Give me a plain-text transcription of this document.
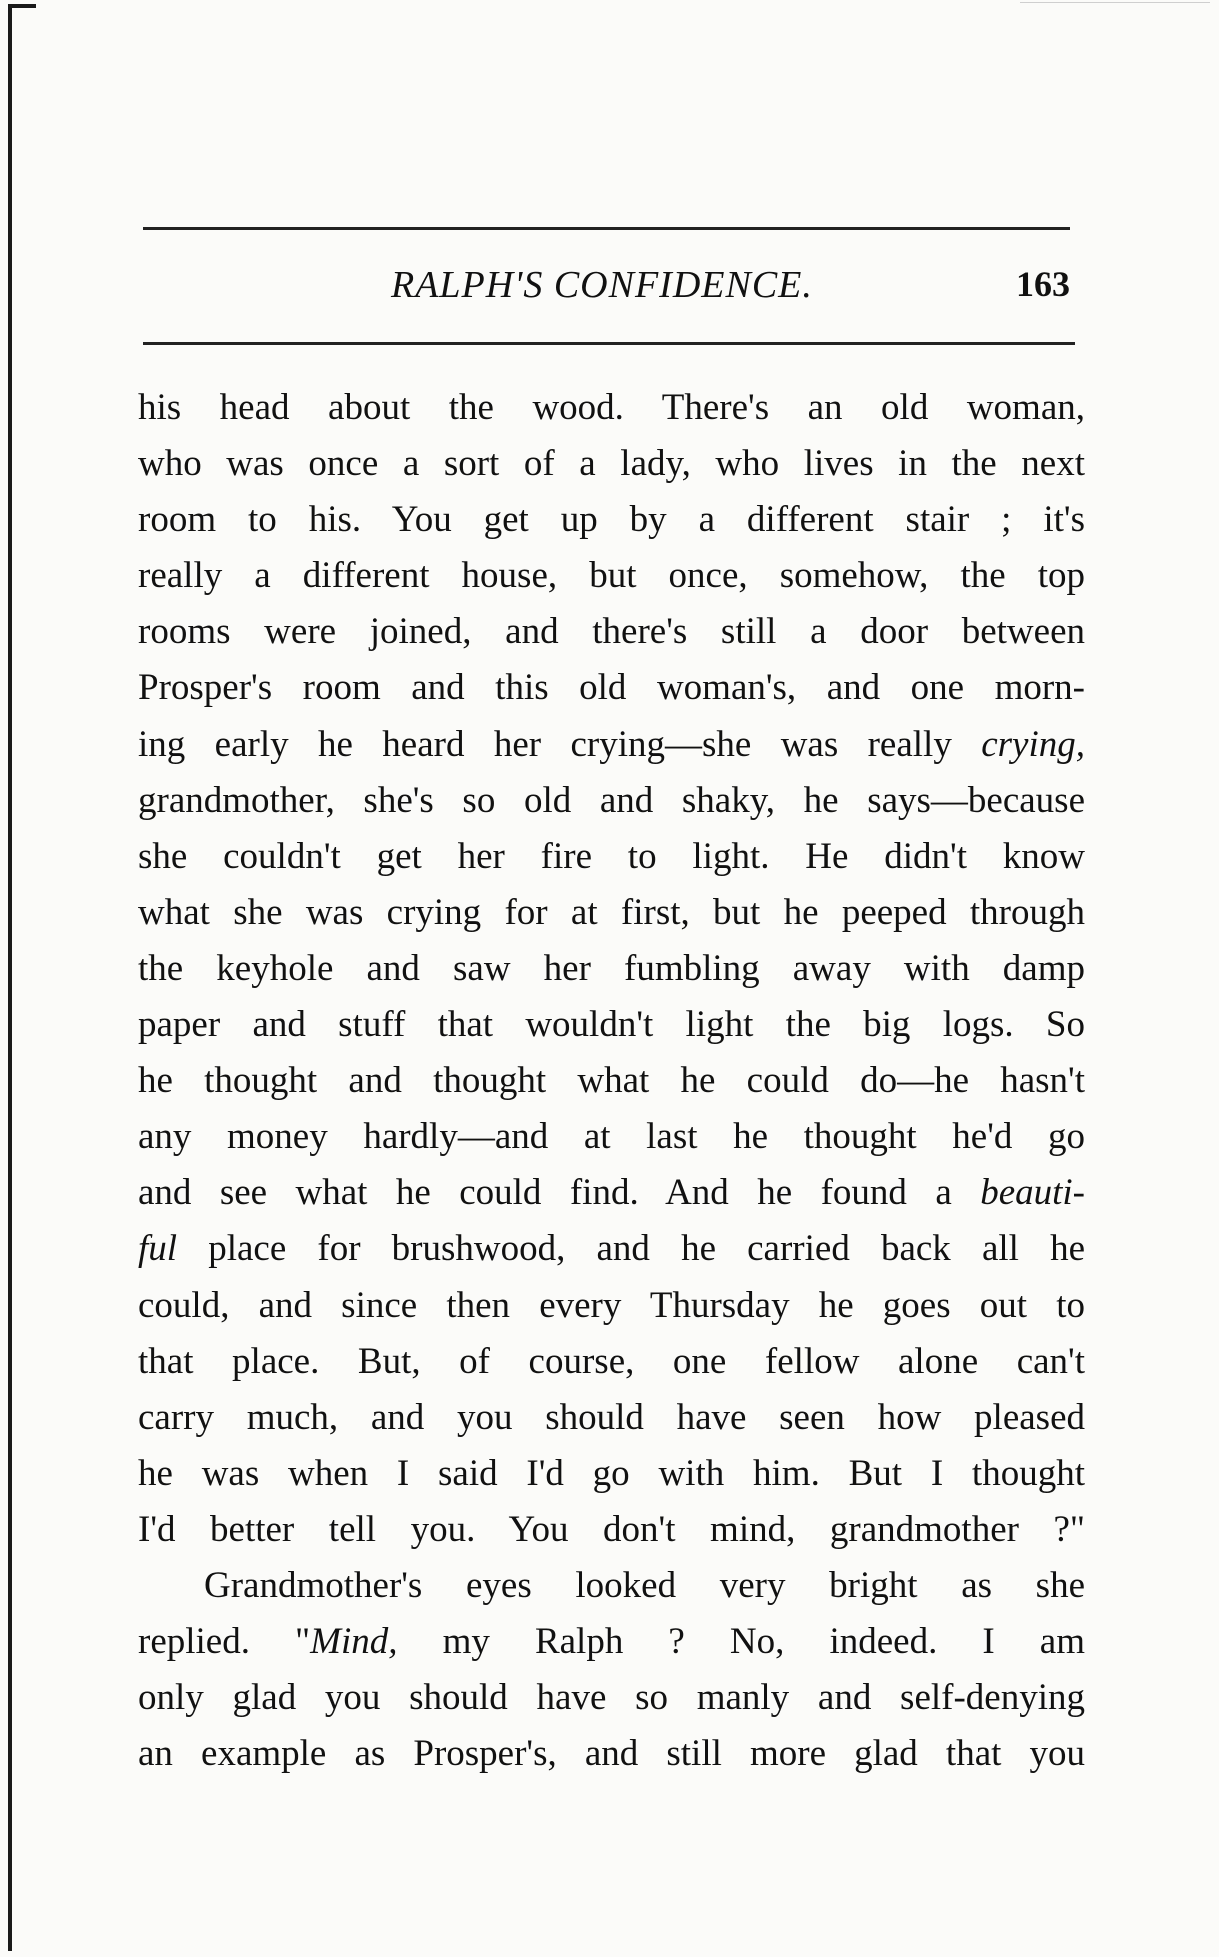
RALPH'S CONFIDENCE.	163
his head about the wood. There's an old woman,
who was once a sort of a lady, who lives in the next
room to his. You get up by a different stair ; it's
really a different house, but once, somehow, the top
rooms were joined, and there's still a door between
Prosper's room and this old woman's, and one morn-
ing early he heard her crying—she was really crying,
grandmother, she's so old and shaky, he says—because
she couldn't get her fire to light. He didn't know
what she was crying for at first, but he peeped through
the keyhole and saw her fumbling away with damp
paper and stuff that wouldn't light the big logs. So
he thought and thought what he could do—he hasn't
any money hardly—and at last he thought he'd go
and see what he could find. And he found a beauti-
ful place for brushwood, and he carried back all he
could, and since then every Thursday he goes out to
that place. But, of course, one fellow alone can't
carry much, and you should have seen how pleased
he was when I said I'd go with him. But I thought
I'd better tell you. You don't mind, grandmother ?"
Grandmother's eyes looked very bright as she
replied. "Mind, my Ralph ? No, indeed. I am
only glad you should have so manly and self-denying
an example as Prosper's, and still more glad that you
